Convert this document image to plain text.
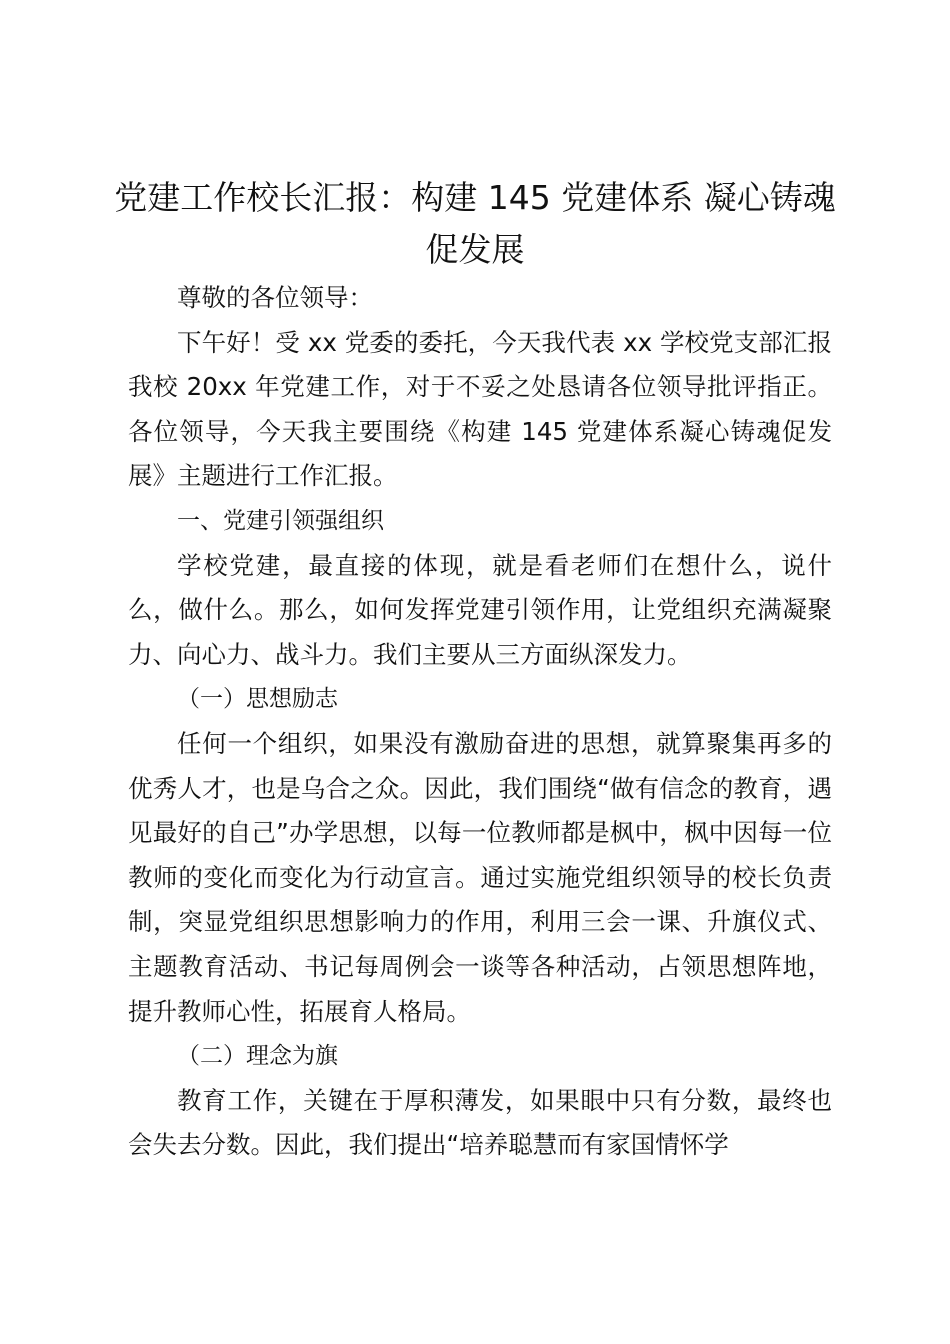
党建工作校长汇报：构建 145 党建体系 凝心铸魂促发展

尊敬的各位领导：

下午好！受 xx 党委的委托，今天我代表 xx 学校党支部汇报我校 20xx 年党建工作，对于不妥之处恳请各位领导批评指正。各位领导，今天我主要围绕《构建 145 党建体系凝心铸魂促发展》主题进行工作汇报。

一、党建引领强组织

学校党建，最直接的体现，就是看老师们在想什么，说什么，做什么。那么，如何发挥党建引领作用，让党组织充满凝聚力、向心力、战斗力。我们主要从三方面纵深发力。

（一）思想励志

任何一个组织，如果没有激励奋进的思想，就算聚集再多的优秀人才，也是乌合之众。因此，我们围绕“做有信念的教育，遇见最好的自己”办学思想，以每一位教师都是枫中，枫中因每一位教师的变化而变化为行动宣言。通过实施党组织领导的校长负责制，突显党组织思想影响力的作用，利用三会一课、升旗仪式、主题教育活动、书记每周例会一谈等各种活动，占领思想阵地，提升教师心性，拓展育人格局。

（二）理念为旗

教育工作，关键在于厚积薄发，如果眼中只有分数，最终也会失去分数。因此，我们提出“培养聪慧而有家国情怀学
